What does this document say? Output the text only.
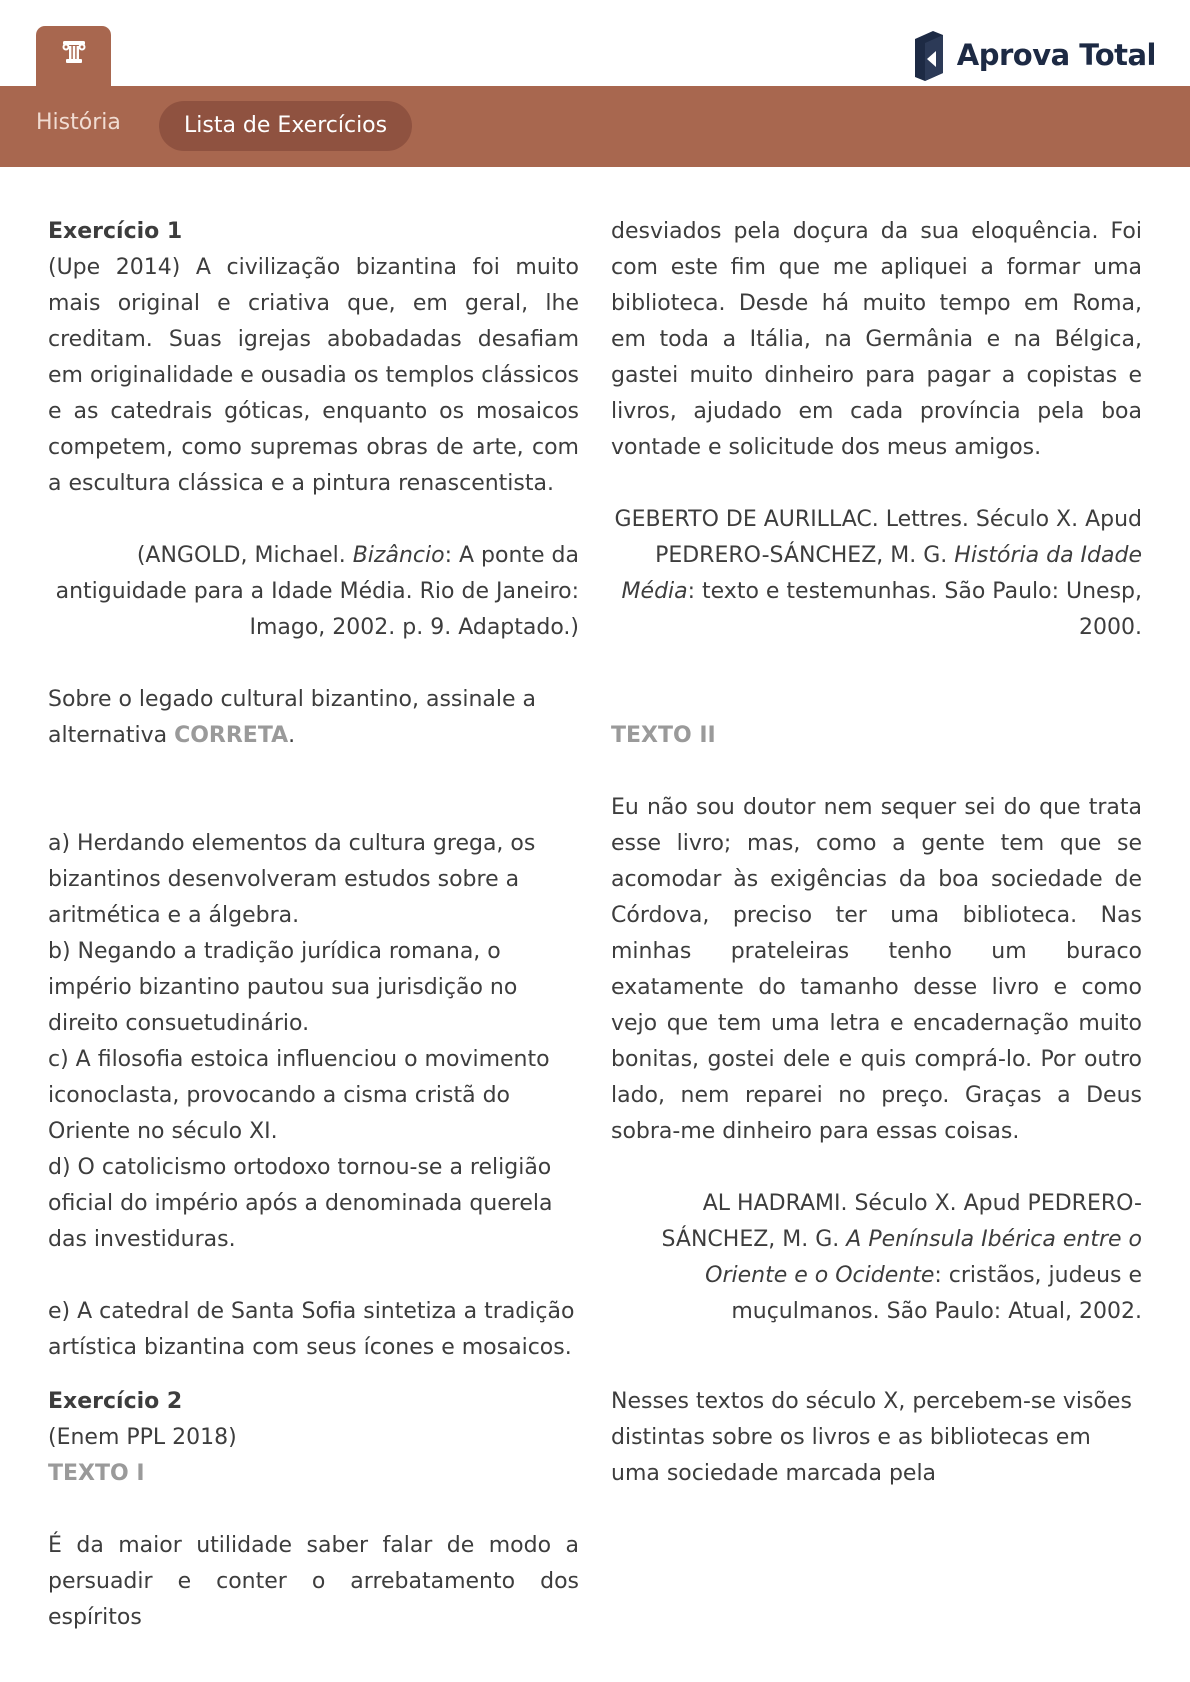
Aprova Total
História	Lista de Exercícios

Exercício 1

(Upe 2014) A civilização bizantina foi muito mais original e criativa que, em geral, lhe creditam. Suas igrejas abobadadas desafiam em originalidade e ousadia os templos clássicos e as catedrais góticas, enquanto os mosaicos competem, como supremas obras de arte, com a escultura clássica e a pintura renascentista.

(ANGOLD, Michael. Bizâncio: A ponte da antiguidade para a Idade Média. Rio de Janeiro: Imago, 2002. p. 9. Adaptado.)

Sobre o legado cultural bizantino, assinale a alternativa CORRETA.

a) Herdando elementos da cultura grega, os bizantinos desenvolveram estudos sobre a aritmética e a álgebra.

b) Negando a tradição jurídica romana, o império bizantino pautou sua jurisdição no direito consuetudinário.

c) A filosofia estoica influenciou o movimento iconoclasta, provocando a cisma cristã do Oriente no século XI.

d) O catolicismo ortodoxo tornou-se a religião oficial do império após a denominada querela das investiduras.

e) A catedral de Santa Sofia sintetiza a tradição artística bizantina com seus ícones e mosaicos.

Exercício 2

(Enem PPL 2018)

TEXTO I

É da maior utilidade saber falar de modo a persuadir e conter o arrebatamento dos espíritos

desviados pela doçura da sua eloquência. Foi com este fim que me apliquei a formar uma biblioteca. Desde há muito tempo em Roma, em toda a Itália, na Germânia e na Bélgica, gastei muito dinheiro para pagar a copistas e livros, ajudado em cada província pela boa vontade e solicitude dos meus amigos.

GEBERTO DE AURILLAC. Lettres. Século X. Apud PEDRERO-SÁNCHEZ, M. G. História da Idade Média: texto e testemunhas. São Paulo: Unesp, 2000.

TEXTO II

Eu não sou doutor nem sequer sei do que trata esse livro; mas, como a gente tem que se acomodar às exigências da boa sociedade de Córdova, preciso ter uma biblioteca. Nas minhas prateleiras tenho um buraco exatamente do tamanho desse livro e como vejo que tem uma letra e encadernação muito bonitas, gostei dele e quis comprá-lo. Por outro lado, nem reparei no preço. Graças a Deus sobra-me dinheiro para essas coisas.

AL HADRAMI. Século X. Apud PEDRERO-SÁNCHEZ, M. G. A Península Ibérica entre o Oriente e o Ocidente: cristãos, judeus e muçulmanos. São Paulo: Atual, 2002.

Nesses textos do século X, percebem-se visões distintas sobre os livros e as bibliotecas em uma sociedade marcada pela
